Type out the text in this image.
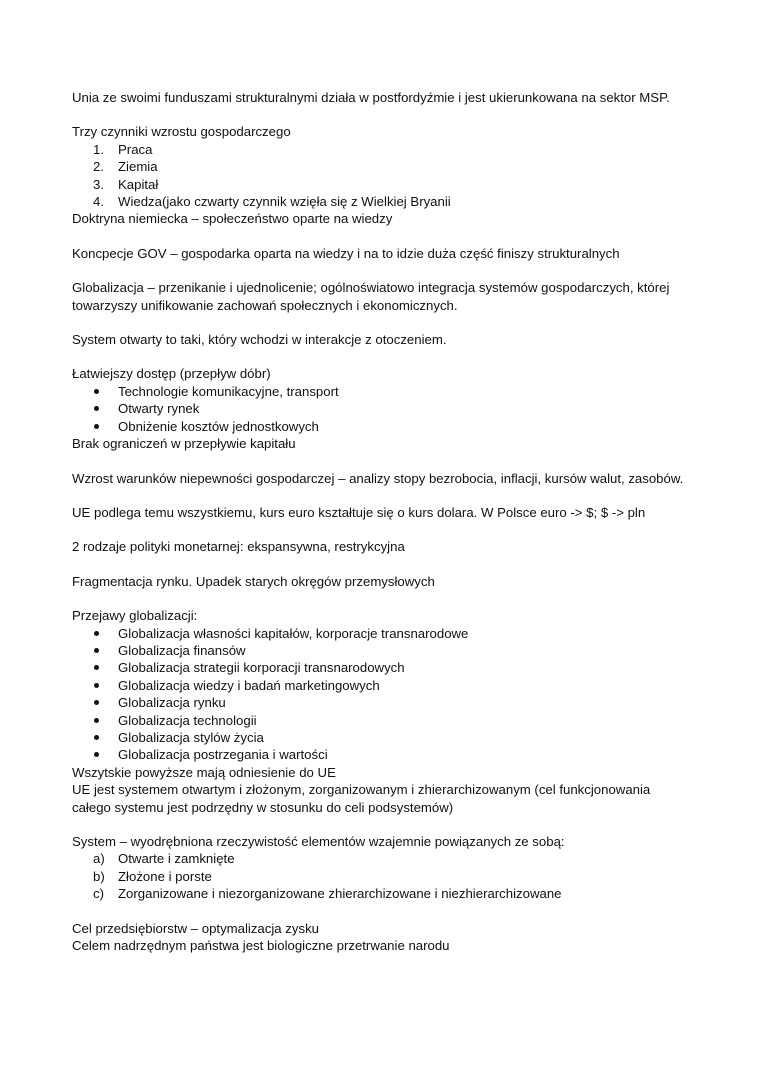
Unia ze swoimi funduszami strukturalnymi działa w postfordyźmie i jest ukierunkowana na sektor MSP.

Trzy czynniki wzrostu gospodarczego

1.	Praca
2.	Ziemia
3.	Kapitał
4.	Wiedza(jako czwarty czynnik wzięła się z Wielkiej Bryanii

Doktryna niemiecka – społeczeństwo oparte na wiedzy

Koncpecje GOV – gospodarka oparta na wiedzy i na to idzie duża część finiszy strukturalnych

Globalizacja – przenikanie i ujednolicenie; ogólnoświatowo integracja systemów gospodarczych, której towarzyszy unifikowanie zachowań społecznych i ekonomicznych.

System otwarty to taki, który wchodzi w interakcje z otoczeniem.

Łatwiejszy dostęp (przepływ dóbr)

Technologie komunikacyjne, transport
Otwarty rynek
Obniżenie kosztów jednostkowych

Brak ograniczeń w przepływie kapitału

Wzrost warunków niepewności gospodarczej – analizy stopy bezrobocia, inflacji, kursów walut, zasobów.

UE podlega temu wszystkiemu, kurs euro kształtuje się o kurs dolara. W Polsce euro -> $; $ -> pln

2 rodzaje polityki monetarnej: ekspansywna, restrykcyjna

Fragmentacja rynku. Upadek starych okręgów przemysłowych

Przejawy globalizacji:

Globalizacja własności kapitałów, korporacje transnarodowe
Globalizacja finansów
Globalizacja strategii korporacji transnarodowych
Globalizacja wiedzy i badań marketingowych
Globalizacja rynku
Globalizacja technologii
Globalizacja stylów życia
Globalizacja postrzegania i wartości

Wszytskie powyższe mają odniesienie do UE

UE jest systemem otwartym i złożonym, zorganizowanym i zhierarchizowanym (cel funkcjonowania całego systemu jest podrzędny w stosunku do celi podsystemów)

System – wyodrębniona rzeczywistość elementów wzajemnie powiązanych ze sobą:

a)	Otwarte i zamknięte
b)	Złożone i porste
c)	Zorganizowane i niezorganizowane zhierarchizowane i niezhierarchizowane

Cel przedsiębiorstw – optymalizacja zysku

Celem nadrzędnym państwa jest biologiczne przetrwanie narodu
